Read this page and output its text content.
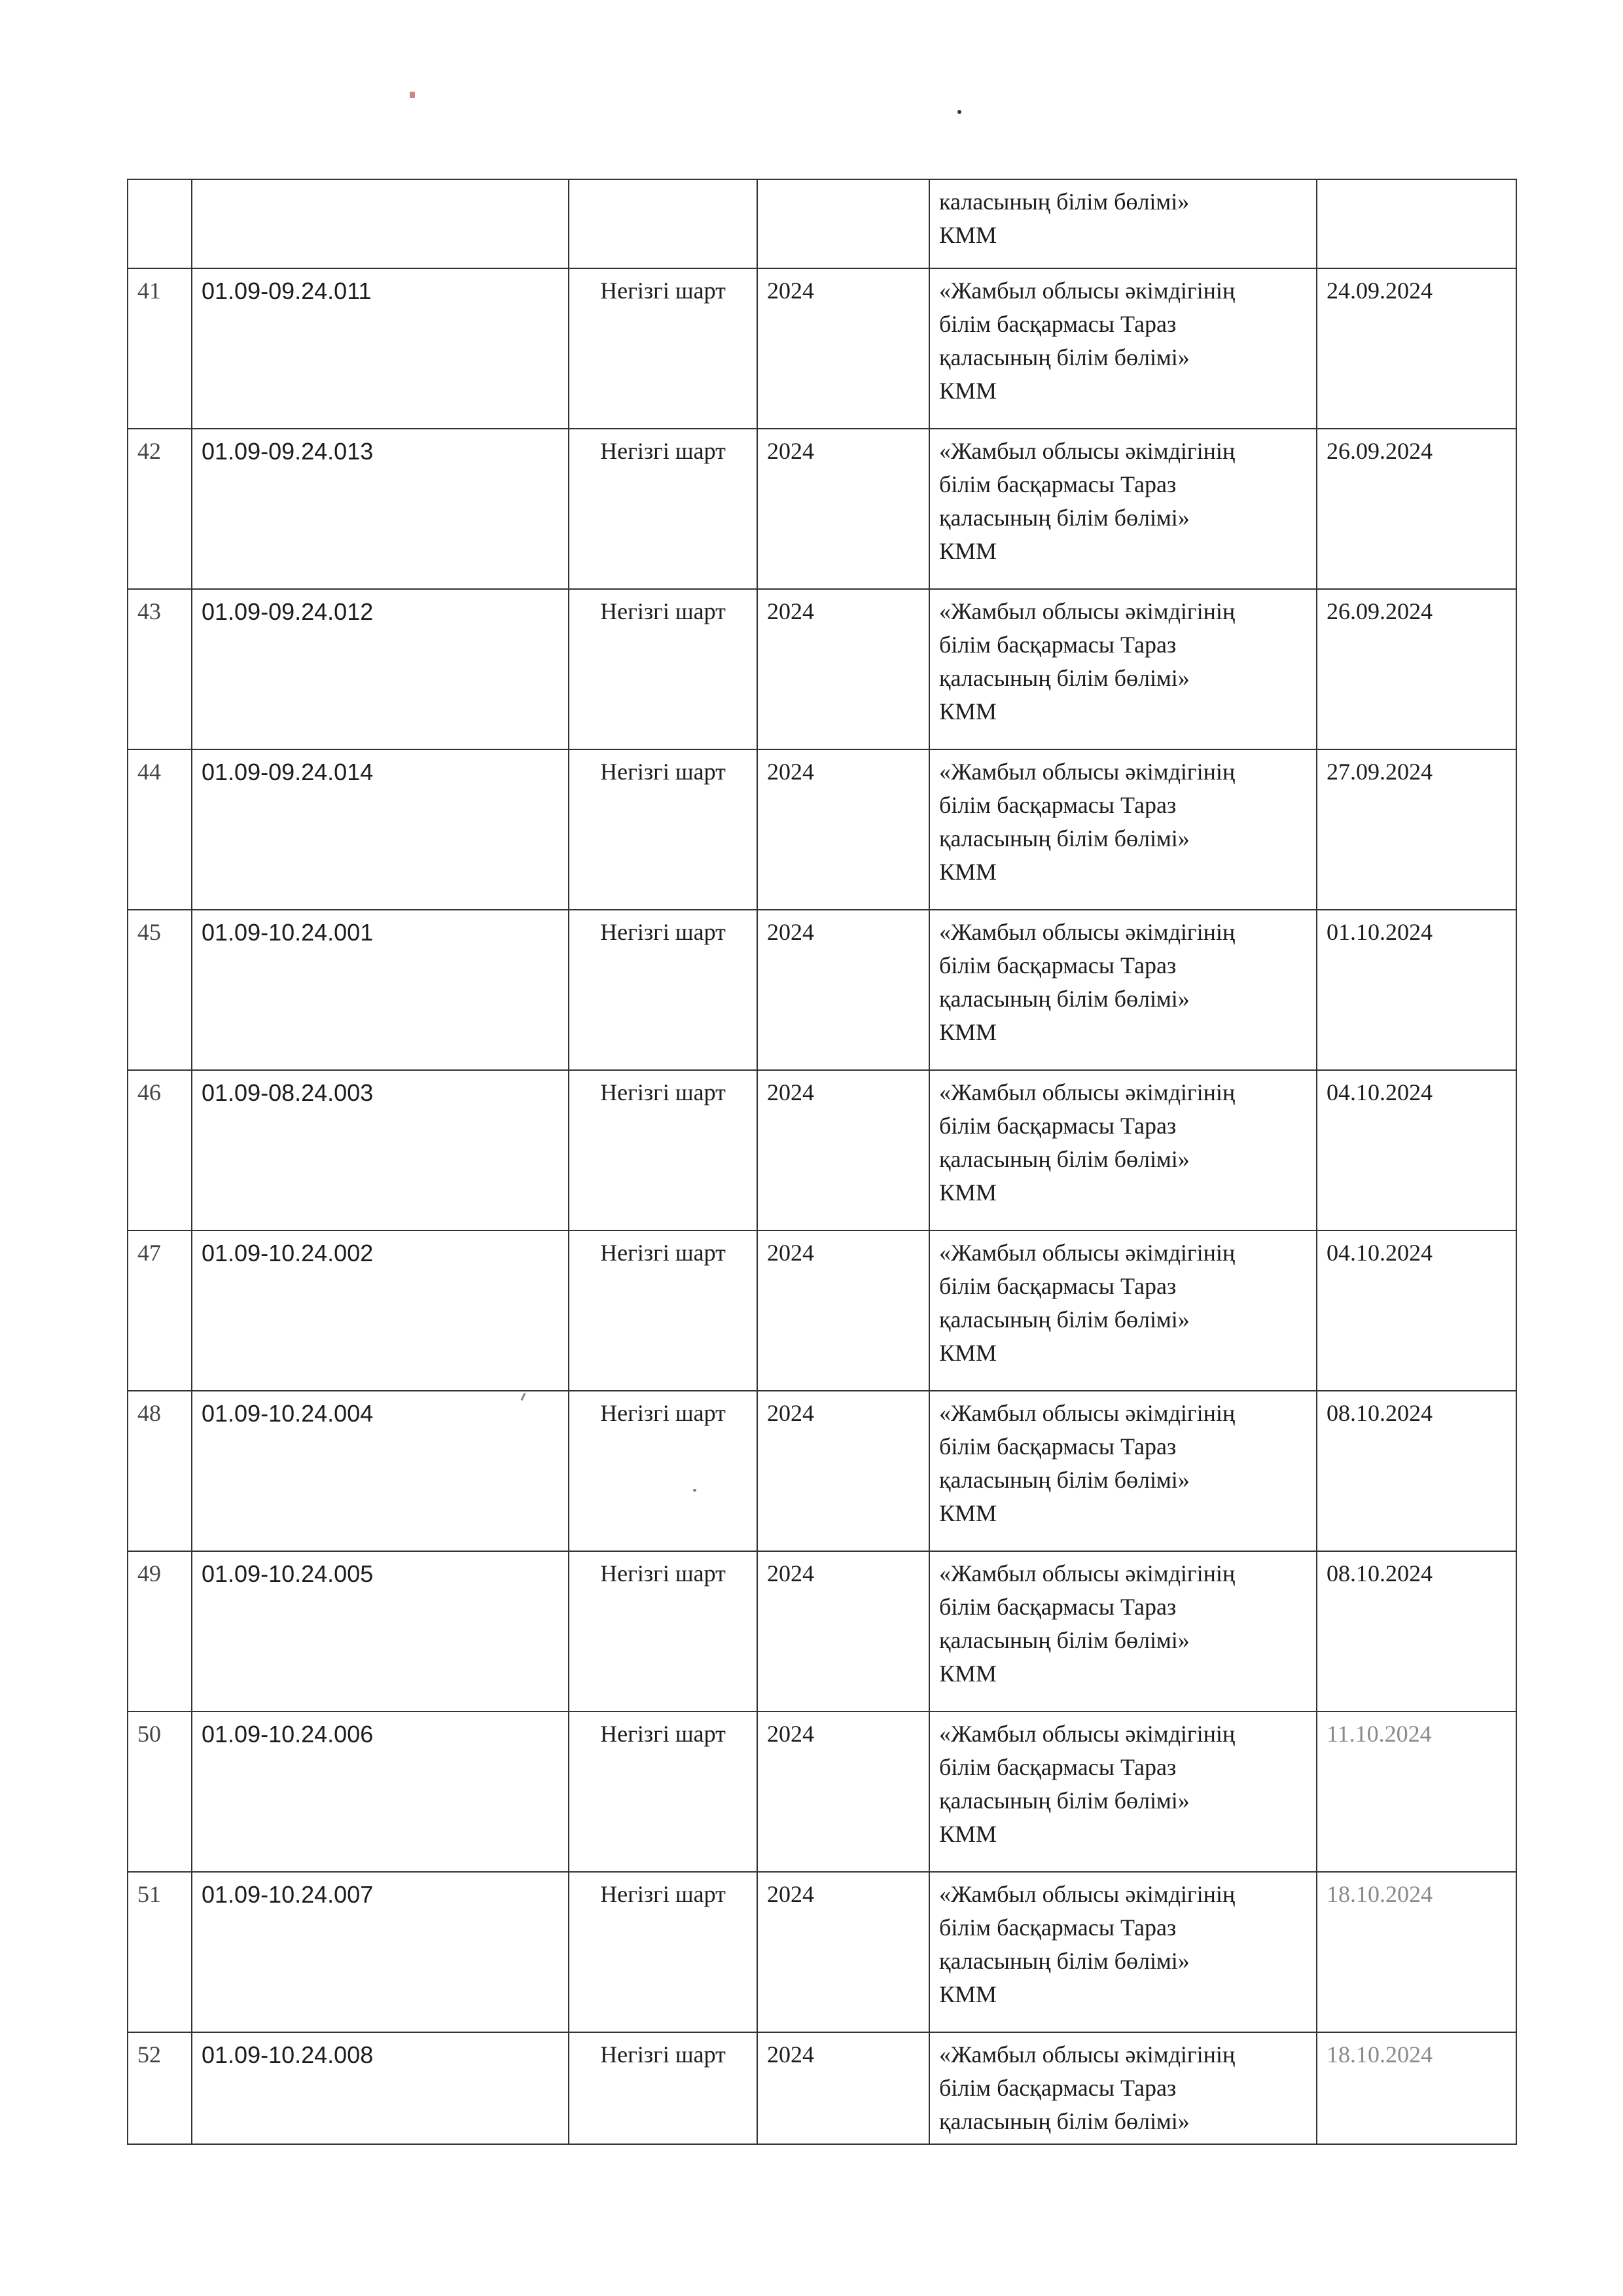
				каласының білім бөлімі»
КММ	

41	01.09-09.24.011	Негізгі шарт	2024	«Жамбыл облысы әкімдігінің
білім басқармасы Тараз
қаласының білім бөлімі»
КММ	24.09.2024
42	01.09-09.24.013	Негізгі шарт	2024	«Жамбыл облысы әкімдігінің
білім басқармасы Тараз
қаласының білім бөлімі»
КММ	26.09.2024
43	01.09-09.24.012	Негізгі шарт	2024	«Жамбыл облысы әкімдігінің
білім басқармасы Тараз
қаласының білім бөлімі»
КММ	26.09.2024
44	01.09-09.24.014	Негізгі шарт	2024	«Жамбыл облысы әкімдігінің
білім басқармасы Тараз
қаласының білім бөлімі»
КММ	27.09.2024
45	01.09-10.24.001	Негізгі шарт	2024	«Жамбыл облысы әкімдігінің
білім басқармасы Тараз
қаласының білім бөлімі»
КММ	01.10.2024
46	01.09-08.24.003	Негізгі шарт	2024	«Жамбыл облысы әкімдігінің
білім басқармасы Тараз
қаласының білім бөлімі»
КММ	04.10.2024
47	01.09-10.24.002	Негізгі шарт	2024	«Жамбыл облысы әкімдігінің
білім басқармасы Тараз
қаласының білім бөлімі»
КММ	04.10.2024
48	01.09-10.24.004	Негізгі шарт	2024	«Жамбыл облысы әкімдігінің
білім басқармасы Тараз
қаласының білім бөлімі»
КММ	08.10.2024
49	01.09-10.24.005	Негізгі шарт	2024	«Жамбыл облысы әкімдігінің
білім басқармасы Тараз
қаласының білім бөлімі»
КММ	08.10.2024
50	01.09-10.24.006	Негізгі шарт	2024	«Жамбыл облысы әкімдігінің
білім басқармасы Тараз
қаласының білім бөлімі»
КММ	11.10.2024
51	01.09-10.24.007	Негізгі шарт	2024	«Жамбыл облысы әкімдігінің
білім басқармасы Тараз
қаласының білім бөлімі»
КММ	18.10.2024
52	01.09-10.24.008	Негізгі шарт	2024	«Жамбыл облысы әкімдігінің
білім басқармасы Тараз
қаласының білім бөлімі»	18.10.2024
